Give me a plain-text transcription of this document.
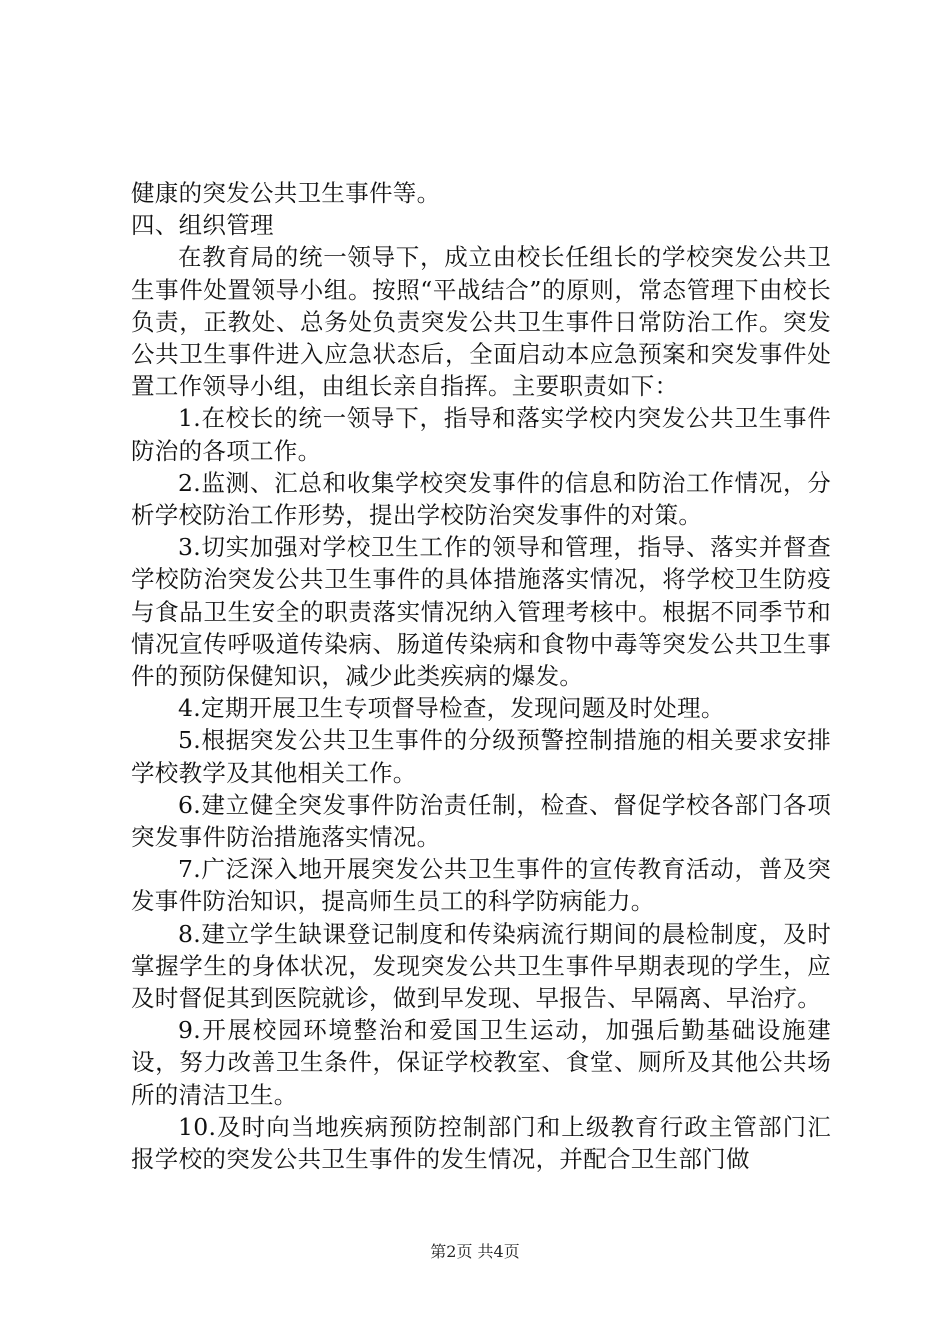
健康的突发公共卫生事件等。

四、组织管理

在教育局的统一领导下，成立由校长任组长的学校突发公共卫生事件处置领导小组。按照“平战结合”的原则，常态管理下由校长负责，正教处、总务处负责突发公共卫生事件日常防治工作。突发公共卫生事件进入应急状态后，全面启动本应急预案和突发事件处置工作领导小组，由组长亲自指挥。主要职责如下：

1.在校长的统一领导下，指导和落实学校内突发公共卫生事件防治的各项工作。

2.监测、汇总和收集学校突发事件的信息和防治工作情况，分析学校防治工作形势，提出学校防治突发事件的对策。

3.切实加强对学校卫生工作的领导和管理，指导、落实并督查学校防治突发公共卫生事件的具体措施落实情况，将学校卫生防疫与食品卫生安全的职责落实情况纳入管理考核中。根据不同季节和情况宣传呼吸道传染病、肠道传染病和食物中毒等突发公共卫生事件的预防保健知识，减少此类疾病的爆发。

4.定期开展卫生专项督导检查，发现问题及时处理。

5.根据突发公共卫生事件的分级预警控制措施的相关要求安排学校教学及其他相关工作。

6.建立健全突发事件防治责任制，检查、督促学校各部门各项突发事件防治措施落实情况。

7.广泛深入地开展突发公共卫生事件的宣传教育活动，普及突发事件防治知识，提高师生员工的科学防病能力。

8.建立学生缺课登记制度和传染病流行期间的晨检制度，及时掌握学生的身体状况，发现突发公共卫生事件早期表现的学生，应及时督促其到医院就诊，做到早发现、早报告、早隔离、早治疗。

9.开展校园环境整治和爱国卫生运动，加强后勤基础设施建设，努力改善卫生条件，保证学校教室、食堂、厕所及其他公共场所的清洁卫生。

10.及时向当地疾病预防控制部门和上级教育行政主管部门汇报学校的突发公共卫生事件的发生情况，并配合卫生部门做

第2页 共4页
